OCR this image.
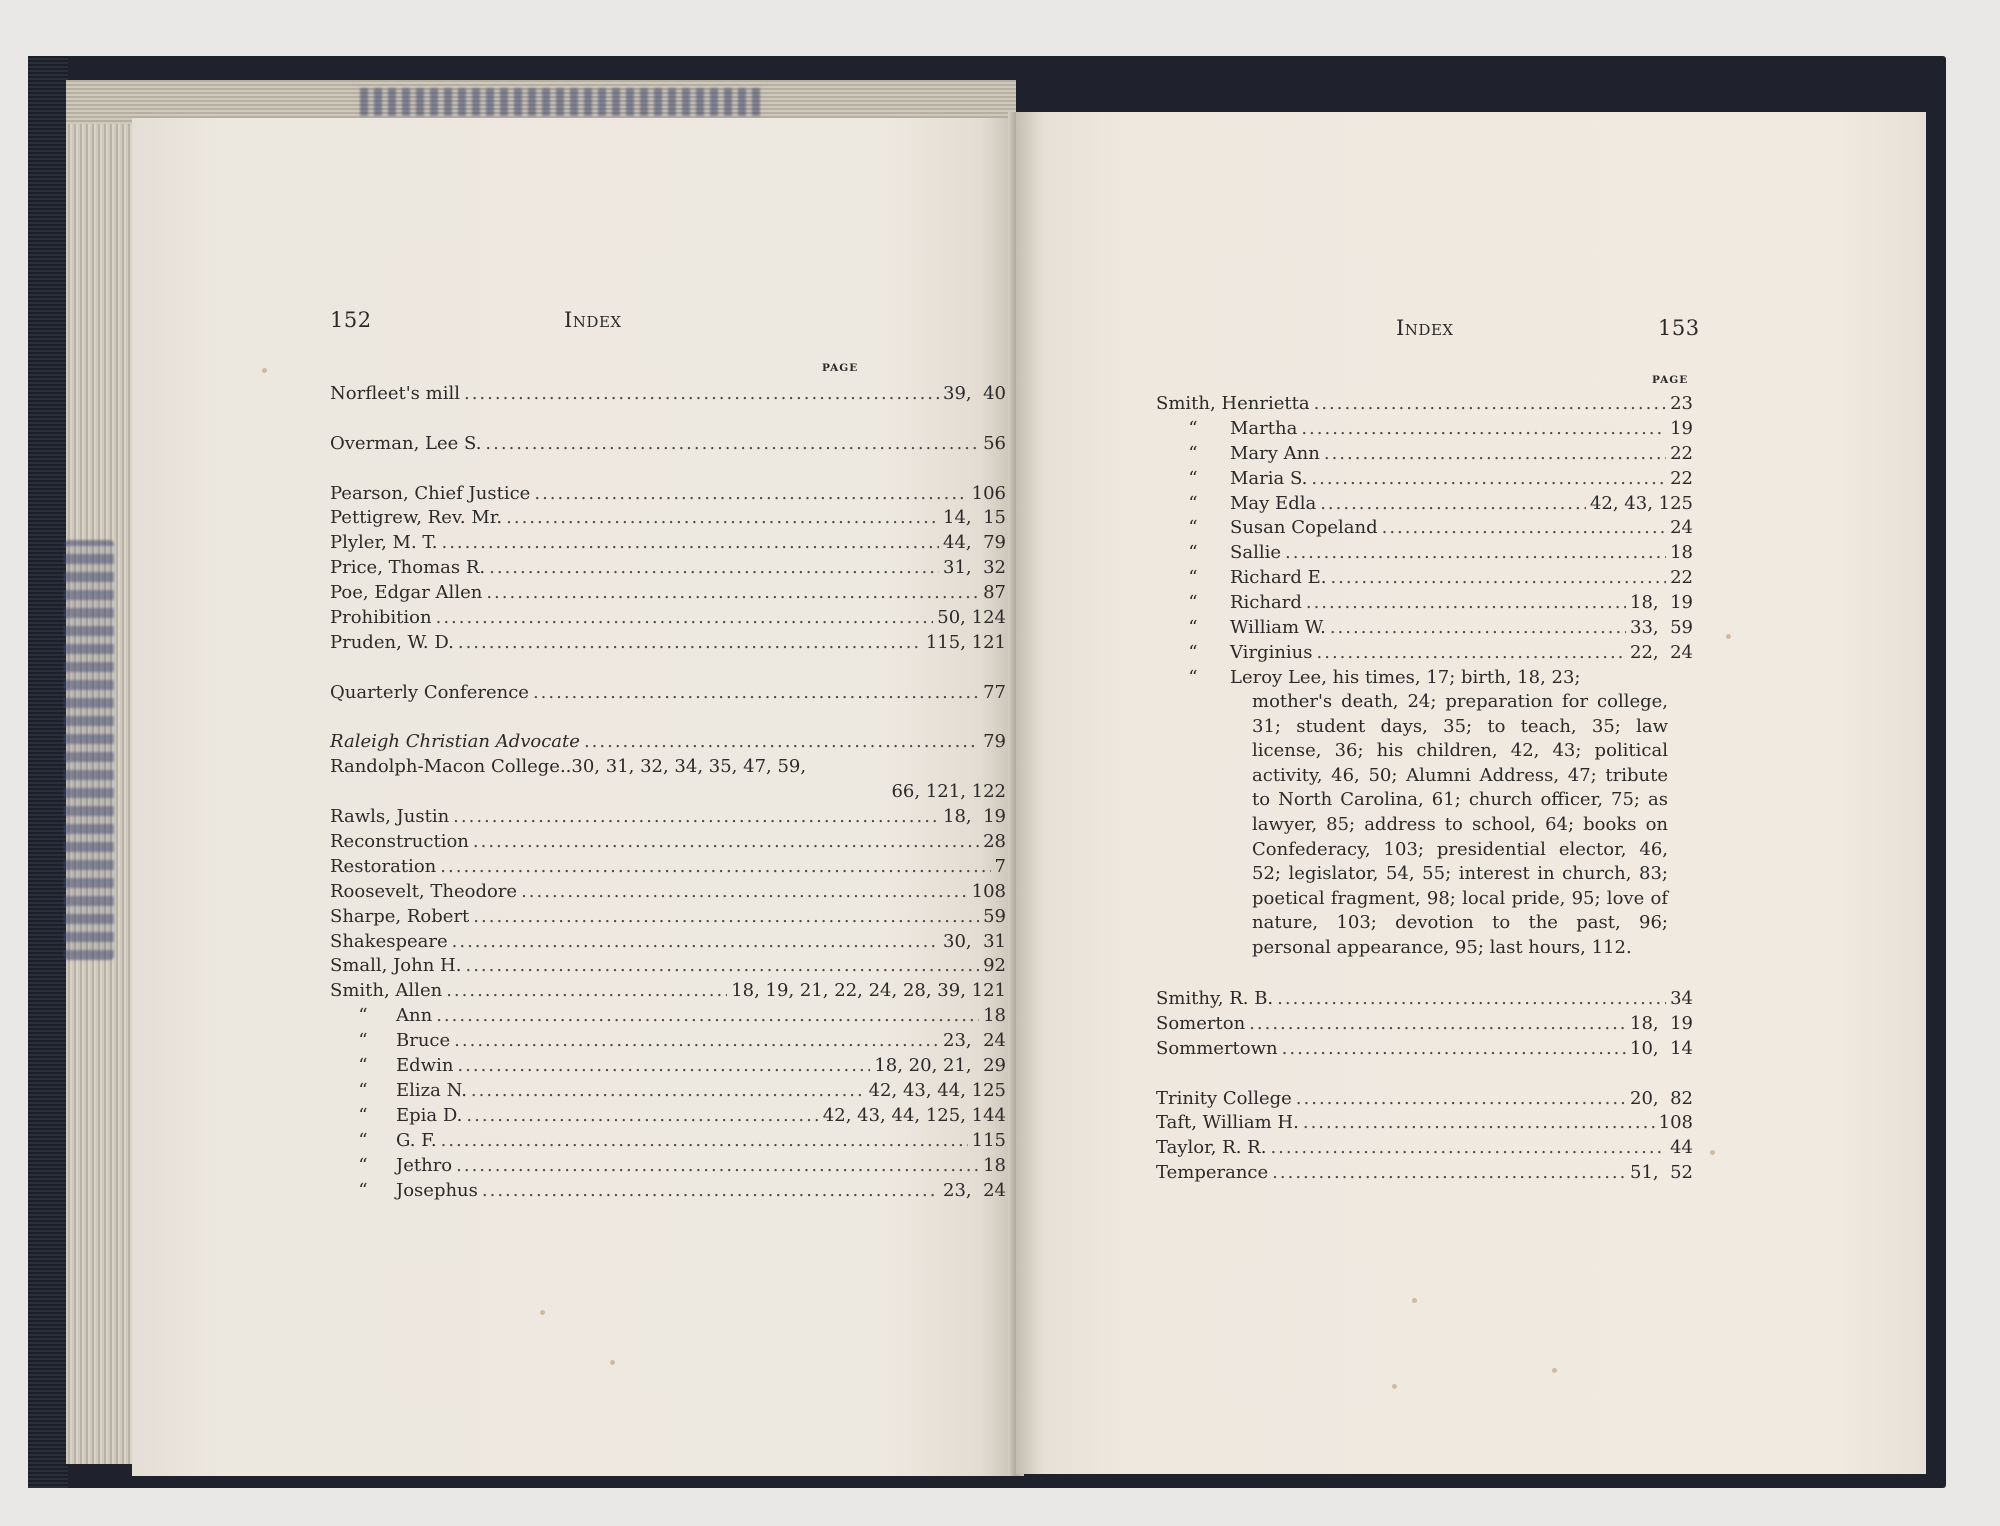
152	Index
PAGE
Norfleet's mill .....	39,  40
Overman, Lee S. .....	56
Pearson, Chief Justice .....	106
Pettigrew, Rev. Mr. .....	14,  15
Plyler, M. T. .....	44,  79
Price, Thomas R. .....	31,  32
Poe, Edgar Allen .....	87
Prohibition .....	50, 124
Pruden, W. D. .....	115, 121
Quarterly Conference .....	77
Raleigh Christian Advocate .....	79
Randolph-Macon College..30, 31, 32, 34, 35, 47, 59,
66, 121, 122
Rawls, Justin .....	18,  19
Reconstruction .....	28
Restoration .....	7
Roosevelt, Theodore .....	108
Sharpe, Robert .....	59
Shakespeare .....	30,  31
Small, John H. .....	92
Smith, Allen .....	18, 19, 21, 22, 24, 28, 39, 121
“	Ann .....	18
“	Bruce .....	23,  24
“	Edwin .....	18, 20, 21,  29
“	Eliza N. .....	42, 43, 44, 125
“	Epia D. .....	42, 43, 44, 125, 144
“	G. F. .....	115
“	Jethro .....	18
“	Josephus .....	23,  24
Index	153
PAGE
Smith, Henrietta .....	23
“	Martha .....	19
“	Mary Ann .....	22
“	Maria S. .....	22
“	May Edla .....	42, 43, 125
“	Susan Copeland .....	24
“	Sallie .....	18
“	Richard E. .....	22
“	Richard .....	18,  19
“	William W. .....	33,  59
“	Virginius .....	22,  24
“	Leroy Lee, his times, 17; birth, 18, 23;

mother's death, 24; preparation for college, 31; student days, 35; to teach, 35; law license, 36; his children, 42, 43; political activity, 46, 50; Alumni Address, 47; tribute to North Carolina, 61; church officer, 75; as lawyer, 85; address to school, 64; books on Confederacy, 103; presidential elector, 46, 52; legislator, 54, 55; interest in church, 83; poetical fragment, 98; local pride, 95; love of nature, 103; devotion to the past, 96; personal appearance, 95; last hours, 112.

Smithy, R. B. .....	34
Somerton .....	18,  19
Sommertown .....	10,  14
Trinity College .....	20,  82
Taft, William H. .....	108
Taylor, R. R. .....	44
Temperance .....	51,  52
